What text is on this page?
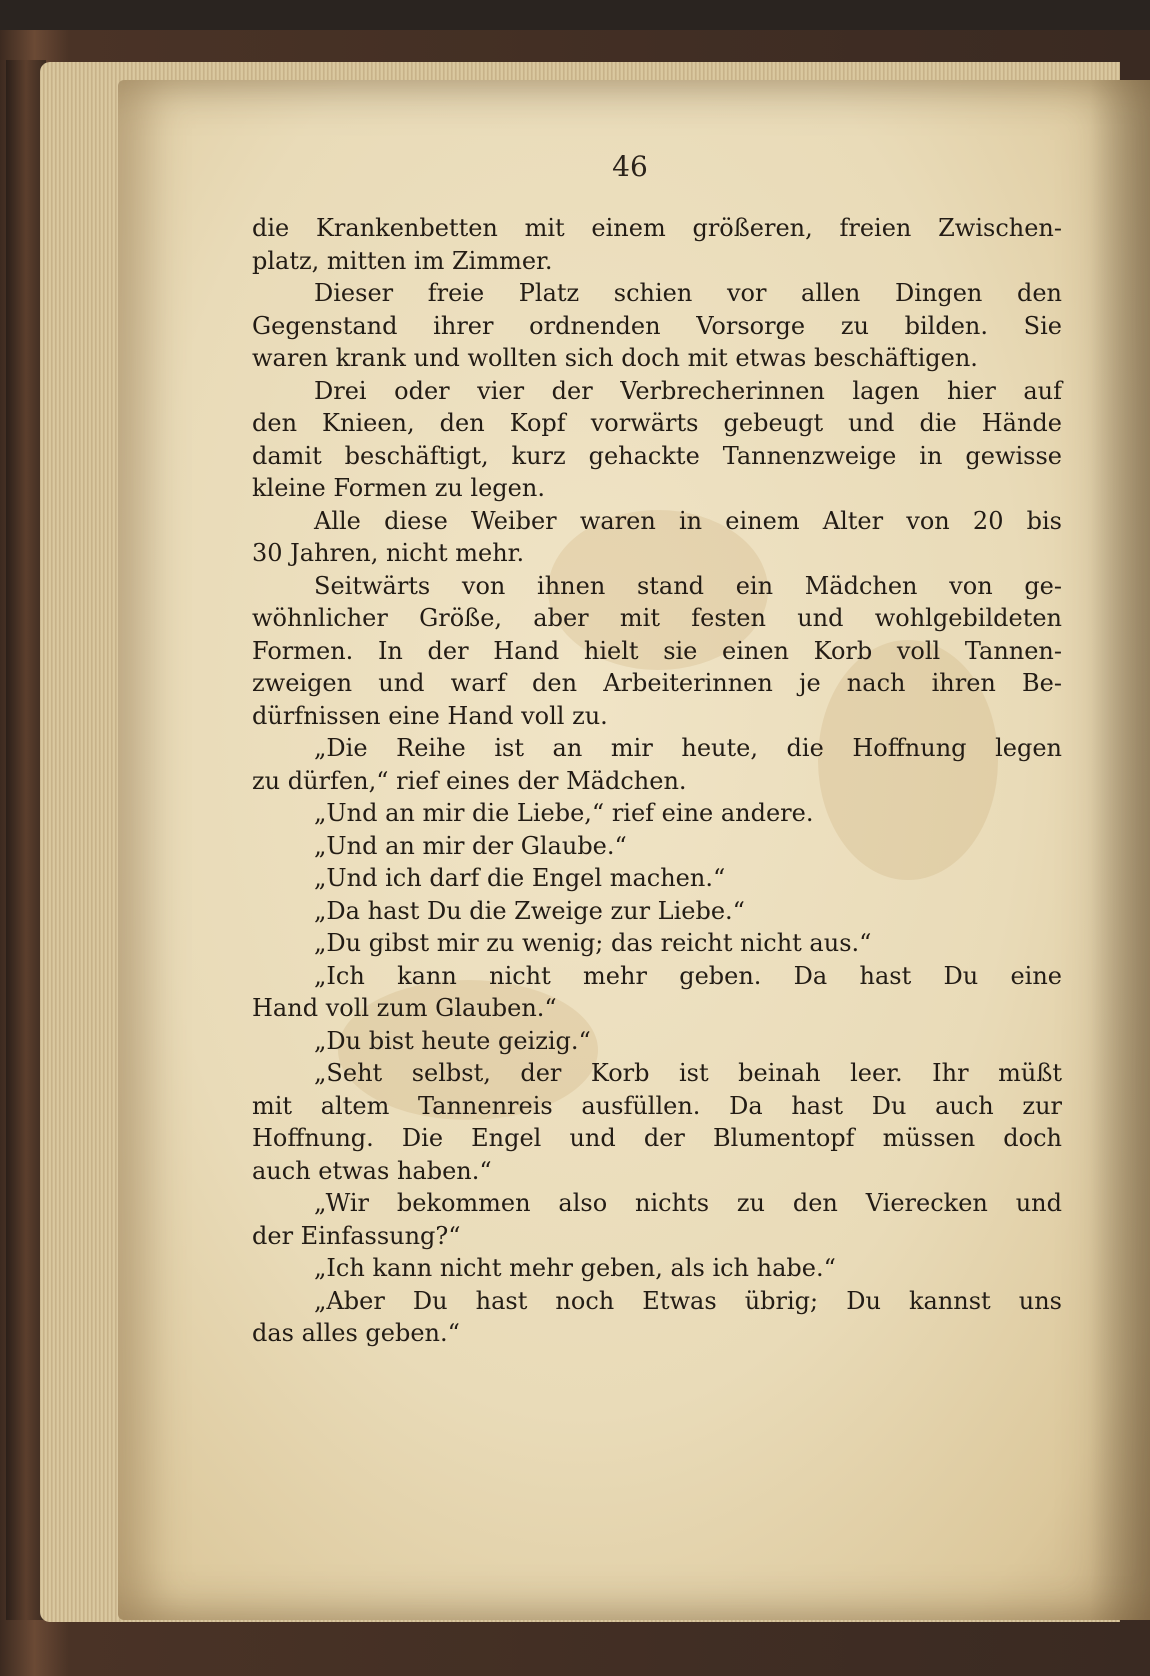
46
die Krankenbetten mit einem größeren, freien Zwischen-
platz, mitten im Zimmer.
Dieser freie Platz schien vor allen Dingen den
Gegenstand ihrer ordnenden Vorsorge zu bilden. Sie
waren krank und wollten sich doch mit etwas beschäftigen.
Drei oder vier der Verbrecherinnen lagen hier auf
den Knieen, den Kopf vorwärts gebeugt und die Hände
damit beschäftigt, kurz gehackte Tannenzweige in gewisse
kleine Formen zu legen.
Alle diese Weiber waren in einem Alter von 20 bis
30 Jahren, nicht mehr.
Seitwärts von ihnen stand ein Mädchen von ge-
wöhnlicher Größe, aber mit festen und wohlgebildeten
Formen. In der Hand hielt sie einen Korb voll Tannen-
zweigen und warf den Arbeiterinnen je nach ihren Be-
dürfnissen eine Hand voll zu.
„Die Reihe ist an mir heute, die Hoffnung legen
zu dürfen,“ rief eines der Mädchen.
„Und an mir die Liebe,“ rief eine andere.
„Und an mir der Glaube.“
„Und ich darf die Engel machen.“
„Da hast Du die Zweige zur Liebe.“
„Du gibst mir zu wenig; das reicht nicht aus.“
„Ich kann nicht mehr geben. Da hast Du eine
Hand voll zum Glauben.“
„Du bist heute geizig.“
„Seht selbst, der Korb ist beinah leer. Ihr müßt
mit altem Tannenreis ausfüllen. Da hast Du auch zur
Hoffnung. Die Engel und der Blumentopf müssen doch
auch etwas haben.“
„Wir bekommen also nichts zu den Vierecken und
der Einfassung?“
„Ich kann nicht mehr geben, als ich habe.“
„Aber Du hast noch Etwas übrig; Du kannst uns
das alles geben.“
